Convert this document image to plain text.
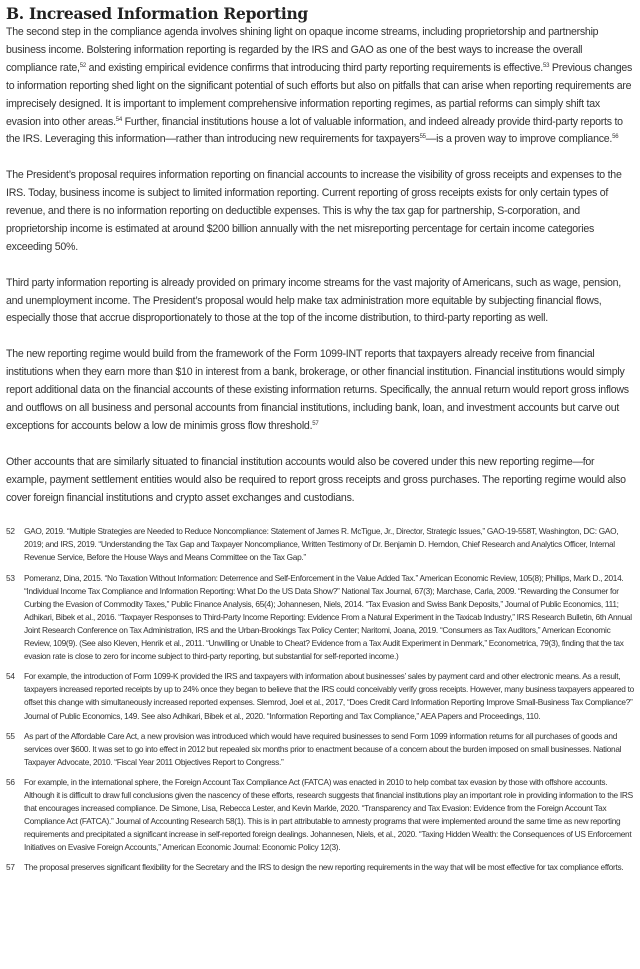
B. Increased Information Reporting

The second step in the compliance agenda involves shining light on opaque income streams, including proprietorship and partnership business income. Bolstering information reporting is regarded by the IRS and GAO as one of the best ways to increase the overall compliance rate,$^{52}$ and existing empirical evidence confirms that introducing third party reporting requirements is effective.$^{53}$ Previous changes to information reporting shed light on the significant potential of such efforts but also on pitfalls that can arise when reporting requirements are imprecisely designed. It is important to implement comprehensive information reporting regimes, as partial reforms can simply shift tax evasion into other areas.$^{54}$ Further, financial institutions house a lot of valuable information, and indeed already provide third-party reports to the IRS. Leveraging this information—rather than introducing new requirements for taxpayers$^{55}$—is a proven way to improve compliance.$^{56}$

The President’s proposal requires information reporting on financial accounts to increase the visibility of gross receipts and expenses to the IRS. Today, business income is subject to limited information reporting. Current reporting of gross receipts exists for only certain types of revenue, and there is no information reporting on deductible expenses. This is why the tax gap for partnership, S-corporation, and proprietorship income is estimated at around $200 billion annually with the net misreporting percentage for certain income categories exceeding 50%.

Third party information reporting is already provided on primary income streams for the vast majority of Americans, such as wage, pension, and unemployment income. The President’s proposal would help make tax administration more equitable by subjecting financial flows, especially those that accrue disproportionately to those at the top of the income distribution, to third-party reporting as well.

The new reporting regime would build from the framework of the Form 1099-INT reports that taxpayers already receive from financial institutions when they earn more than $10 in interest from a bank, brokerage, or other financial institution. Financial institutions would simply report additional data on the financial accounts of these existing information returns. Specifically, the annual return would report gross inflows and outflows on all business and personal accounts from financial institutions, including bank, loan, and investment accounts but carve out exceptions for accounts below a low de minimis gross flow threshold.$^{57}$

Other accounts that are similarly situated to financial institution accounts would also be covered under this new reporting regime—for example, payment settlement entities would also be required to report gross receipts and gross purchases. The reporting regime would also cover foreign financial institutions and crypto asset exchanges and custodians.

52	GAO, 2019. “Multiple Strategies are Needed to Reduce Noncompliance: Statement of James R. McTigue, Jr., Director, Strategic Issues,” GAO-19-558T, Washington, DC: GAO, 2019; and IRS, 2019. “Understanding the Tax Gap and Taxpayer Noncompliance, Written Testimony of Dr. Benjamin D. Herndon, Chief Research and Analytics Officer, Internal Revenue Service, Before the House Ways and Means Committee on the Tax Gap.”
53	Pomeranz, Dina, 2015. “No Taxation Without Information: Deterrence and Self-Enforcement in the Value Added Tax.” American Economic Review, 105(8); Phillips, Mark D., 2014. “Individual Income Tax Compliance and Information Reporting: What Do the US Data Show?” National Tax Journal, 67(3); Marchase, Carla, 2009. “Rewarding the Consumer for Curbing the Evasion of Commodity Taxes,” Public Finance Analysis, 65(4); Johannesen, Niels, 2014. “Tax Evasion and Swiss Bank Deposits,” Journal of Public Economics, 111; Adhikari, Bibek et al., 2016. “Taxpayer Responses to Third-Party Income Reporting: Evidence From a Natural Experiment in the Taxicab Industry,” IRS Research Bulletin, 6th Annual Joint Research Conference on Tax Administration, IRS and the Urban-Brookings Tax Policy Center; Naritomi, Joana, 2019. “Consumers as Tax Auditors,” American Economic Review, 109(9). (See also Kleven, Henrik et al., 2011. “Unwilling or Unable to Cheat? Evidence from a Tax Audit Experiment in Denmark,” Econometrica, 79(3), finding that the tax evasion rate is close to zero for income subject to third-party reporting, but substantial for self-reported income.)
54	For example, the introduction of Form 1099-K provided the IRS and taxpayers with information about businesses’ sales by payment card and other electronic means. As a result, taxpayers increased reported receipts by up to 24% once they began to believe that the IRS could conceivably verify gross receipts. However, many business taxpayers appeared to offset this change with simultaneously increased reported expenses. Slemrod, Joel et al., 2017, “Does Credit Card Information Reporting Improve Small-Business Tax Compliance?” Journal of Public Economics, 149. See also Adhikari, Bibek et al., 2020. “Information Reporting and Tax Compliance,” AEA Papers and Proceedings, 110.
55	As part of the Affordable Care Act, a new provision was introduced which would have required businesses to send Form 1099 information returns for all purchases of goods and services over $600. It was set to go into effect in 2012 but repealed six months prior to enactment because of a concern about the burden imposed on small businesses. National Taxpayer Advocate, 2010. “Fiscal Year 2011 Objectives Report to Congress.”
56	For example, in the international sphere, the Foreign Account Tax Compliance Act (FATCA) was enacted in 2010 to help combat tax evasion by those with offshore accounts. Although it is difficult to draw full conclusions given the nascency of these efforts, research suggests that financial institutions play an important role in providing information to the IRS that encourages increased compliance. De Simone, Lisa, Rebecca Lester, and Kevin Markle, 2020. “Transparency and Tax Evasion: Evidence from the Foreign Account Tax Compliance Act (FATCA).” Journal of Accounting Research 58(1). This is in part attributable to amnesty programs that were implemented around the same time as new reporting requirements and precipitated a significant increase in self-reported foreign dealings. Johannesen, Niels, et al., 2020. “Taxing Hidden Wealth: the Consequences of US Enforcement Initiatives on Evasive Foreign Accounts,” American Economic Journal: Economic Policy 12(3).
57	The proposal preserves significant flexibility for the Secretary and the IRS to design the new reporting requirements in the way that will be most effective for tax compliance efforts.
